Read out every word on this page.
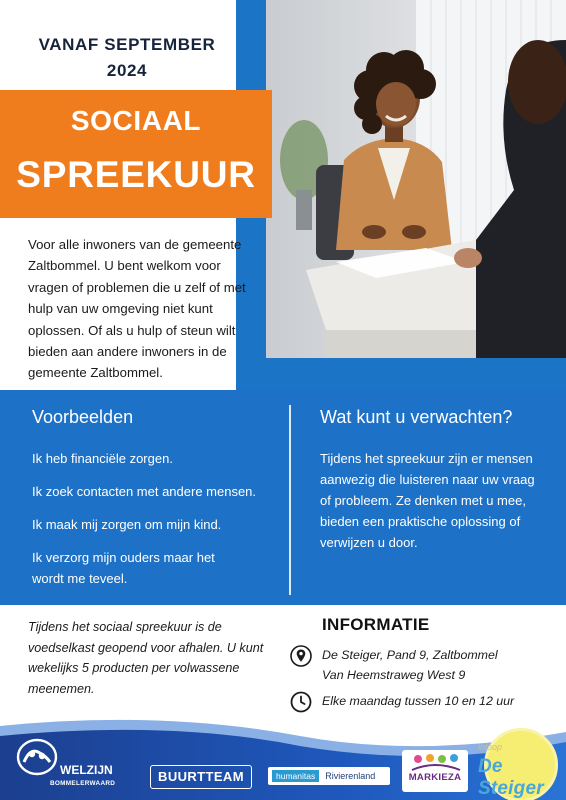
VANAF SEPTEMBER
2024
SOCIAAL
SPREEKUUR

Voor alle inwoners van de gemeente Zaltbommel. U bent welkom voor vragen of problemen die u zelf of met hulp van uw omgeving niet kunt oplossen. Of als u hulp of steun wilt bieden aan andere inwoners in de gemeente Zaltbommel.

Voorbeelden
Ik heb financiële zorgen.
Ik zoek contacten met andere mensen.
Ik maak mij zorgen om mijn kind.
Ik verzorg mijn ouders maar het wordt me teveel.
Wat kunt u verwachten?

Tijdens het spreekuur zijn er mensen aanwezig die luisteren naar uw vraag of probleem. Ze denken met u mee, bieden een praktische oplossing of verwijzen u door.

Tijdens het sociaal spreekuur is de voedselkast geopend voor afhalen. U kunt wekelijks 5 producten per volwassene meenemen.

INFORMATIE
De Steiger, Pand 9, Zaltbommel
Van Heemstraweg West 9
Elke maandag tussen 10 en 12 uur
WELZIJN
BOMMELERWAARD	BUURTTEAM	humanitas	Rivierenland	MARKIEZA
inloop
De Steiger
